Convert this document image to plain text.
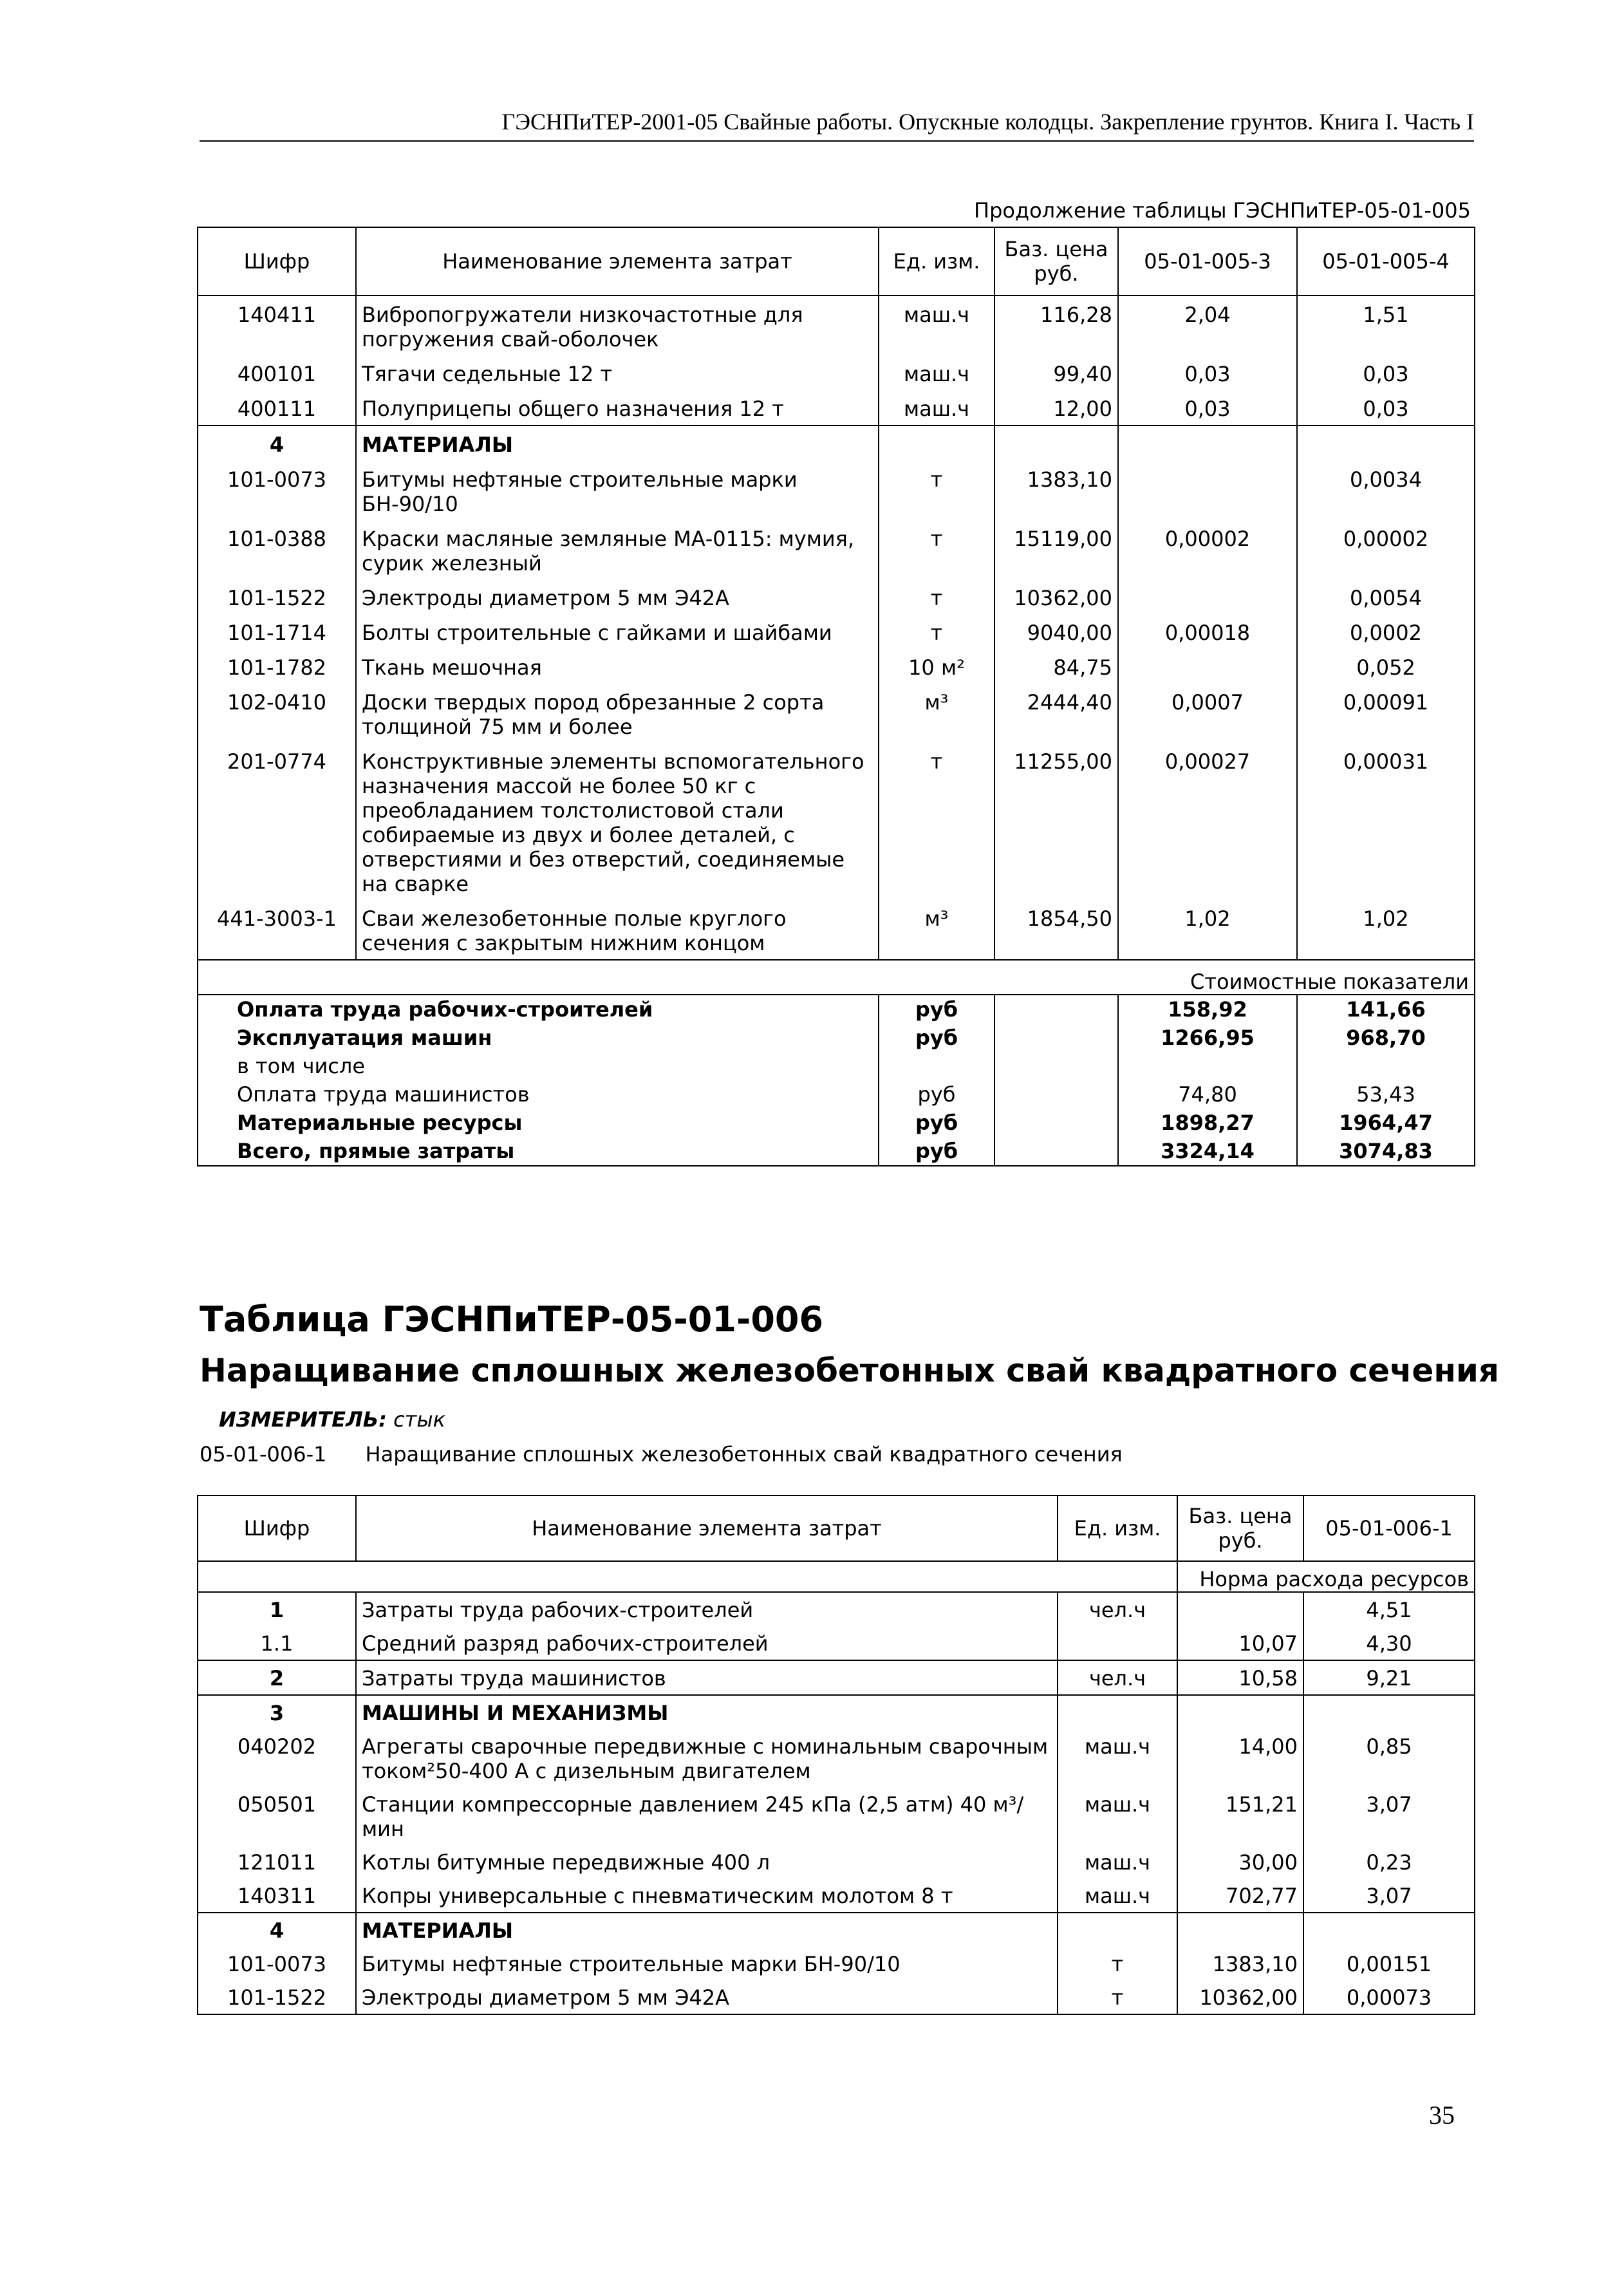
ГЭСНПиТЕР-2001-05 Свайные работы. Опускные колодцы. Закрепление грунтов. Книга I. Часть I
Продолжение таблицы ГЭСНПиТЕР-05-01-005
Шифр	Наименование элемента затрат	Ед. изм.	Баз. цена руб.	05-01-005-3	05-01-005-4
140411	Вибропогружатели низкочастотные для погружения свай-оболочек	маш.ч	116,28	2,04	1,51
400101	Тягачи седельные 12 т	маш.ч	99,40	0,03	0,03
400111	Полуприцепы общего назначения 12 т	маш.ч	12,00	0,03	0,03
4	МАТЕРИАЛЫ				
101-0073	Битумы нефтяные строительные марки БН-90/10	т	1383,10		0,0034
101-0388	Краски масляные земляные МА-0115: мумия, сурик железный	т	15119,00	0,00002	0,00002
101-1522	Электроды диаметром 5 мм Э42А	т	10362,00		0,0054
101-1714	Болты строительные с гайками и шайбами	т	9040,00	0,00018	0,0002
101-1782	Ткань мешочная	10 м²	84,75		0,052
102-0410	Доски твердых пород обрезанные 2 сорта толщиной 75 мм и более	м³	2444,40	0,0007	0,00091
201-0774	Конструктивные элементы вспомогательного назначения массой не более 50 кг с преобладанием толстолистовой стали собираемые из двух и более деталей, с отверстиями и без отверстий, соединяемые на сварке	т	11255,00	0,00027	0,00031
441-3003-1	Сваи железобетонные полые круглого сечения с закрытым нижним концом	м³	1854,50	1,02	1,02
Стоимостные показатели					
Оплата труда рабочих-строителей		руб		158,92	141,66
Эксплуатация машин		руб		1266,95	968,70
в том числе					
Оплата труда машинистов		руб		74,80	53,43
Материальные ресурсы		руб		1898,27	1964,47
Всего, прямые затраты		руб		3324,14	3074,83
Таблица ГЭСНПиТЕР-05-01-006
Наращивание сплошных железобетонных свай квадратного сечения
ИЗМЕРИТЕЛЬ: стык
05-01-006-1 Наращивание сплошных железобетонных свай квадратного сечения
Шифр	Наименование элемента затрат	Ед. изм.	Баз. цена руб.	05-01-006-1
			Норма расхода ресурсов	
1	Затраты труда рабочих-строителей	чел.ч		4,51
1.1	Средний разряд рабочих-строителей		10,07	4,30
2	Затраты труда машинистов	чел.ч	10,58	9,21
3	МАШИНЫ И МЕХАНИЗМЫ			
040202	Агрегаты сварочные передвижные с номинальным сварочным током²50-400 А с дизельным двигателем	маш.ч	14,00	0,85
050501	Станции компрессорные давлением 245 кПа (2,5 атм) 40 м³/мин	маш.ч	151,21	3,07
121011	Котлы битумные передвижные 400 л	маш.ч	30,00	0,23
140311	Копры универсальные с пневматическим молотом 8 т	маш.ч	702,77	3,07
4	МАТЕРИАЛЫ			
101-0073	Битумы нефтяные строительные марки БН-90/10	т	1383,10	0,00151
101-1522	Электроды диаметром 5 мм Э42А	т	10362,00	0,00073
35
